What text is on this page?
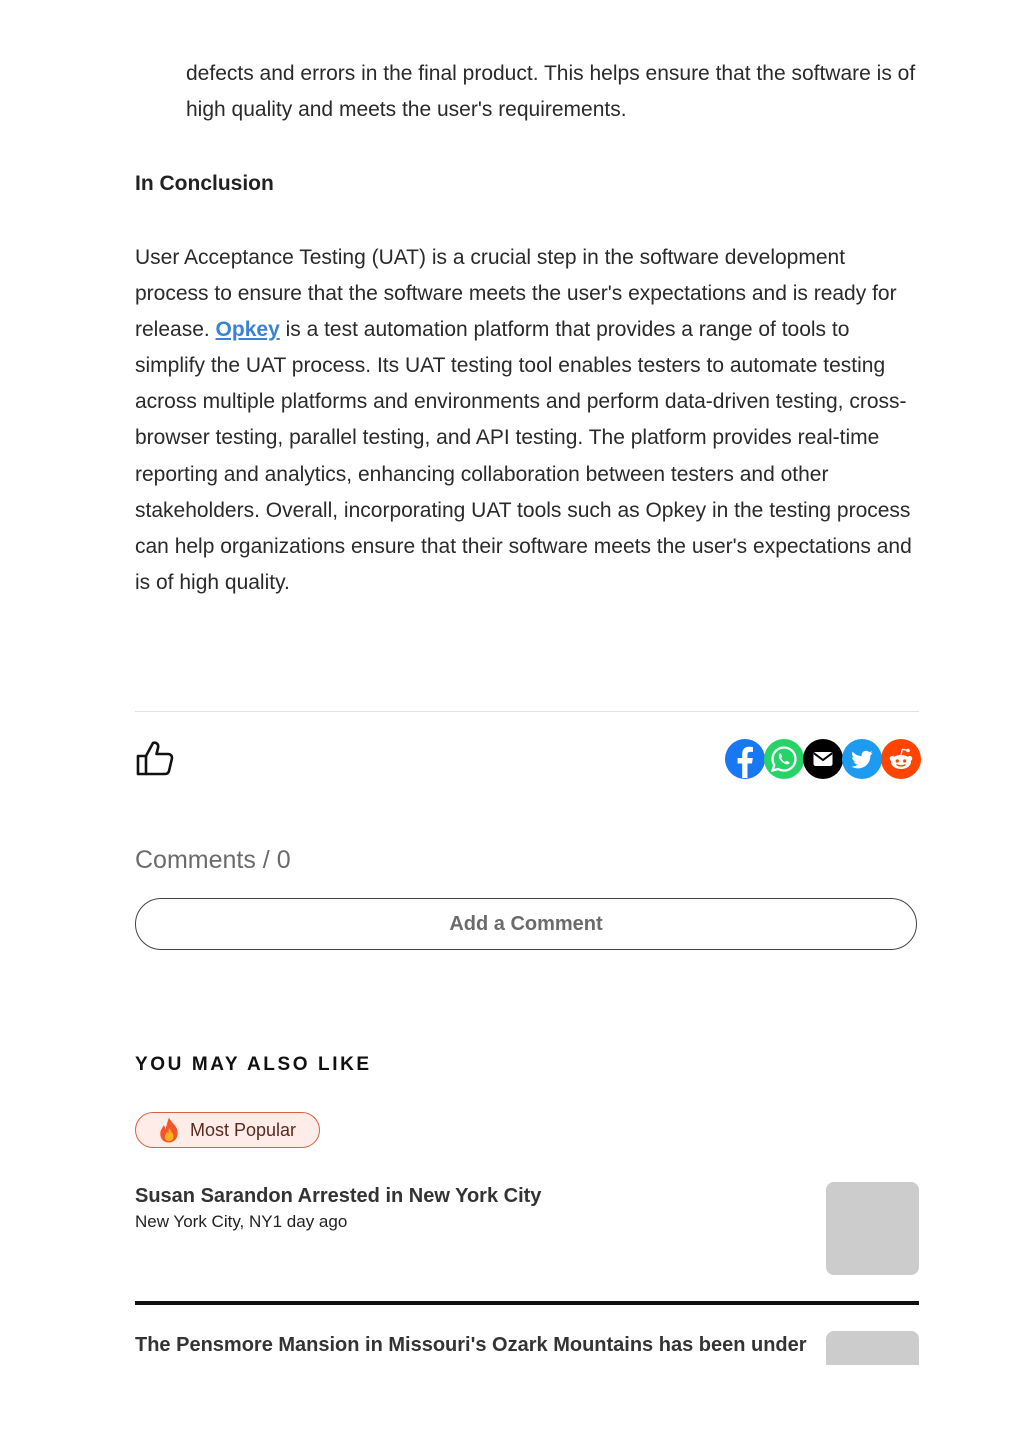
defects and errors in the final product. This helps ensure that the software is of high quality and meets the user's requirements.

In Conclusion

User Acceptance Testing (UAT) is a crucial step in the software development process to ensure that the software meets the user's expectations and is ready for release. Opkey is a test automation platform that provides a range of tools to simplify the UAT process. Its UAT testing tool enables testers to automate testing across multiple platforms and environments and perform data-driven testing, cross-browser testing, parallel testing, and API testing. The platform provides real-time reporting and analytics, enhancing collaboration between testers and other stakeholders. Overall, incorporating UAT tools such as Opkey in the testing process can help organizations ensure that their software meets the user's expectations and is of high quality.

Comments / 0
Add a Comment
YOU MAY ALSO LIKE
Most Popular
Susan Sarandon Arrested in New York City
New York City, NY1 day ago
The Pensmore Mansion in Missouri's Ozark Mountains has been under
